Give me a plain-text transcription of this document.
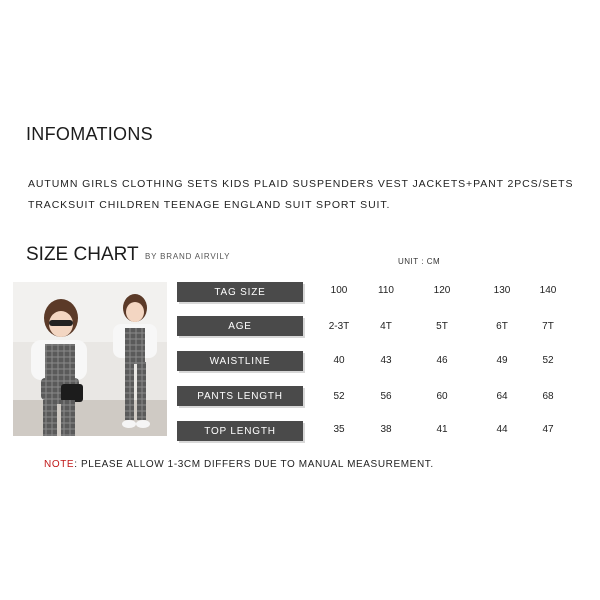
INFOMATIONS
AUTUMN GIRLS CLOTHING SETS KIDS PLAID SUSPENDERS VEST JACKETS+PANT 2PCS/SETS
TRACKSUIT CHILDREN TEENAGE ENGLAND SUIT SPORT SUIT.
SIZE CHART BY BRAND AIRVILY
UNIT : CM
TAG SIZE	100	110	120	130	140
AGE	2-3T	4T	5T	6T	7T
WAISTLINE	40	43	46	49	52
PANTS LENGTH	52	56	60	64	68
TOP LENGTH	35	38	41	44	47
NOTE: PLEASE ALLOW 1-3CM DIFFERS DUE TO MANUAL MEASUREMENT.
